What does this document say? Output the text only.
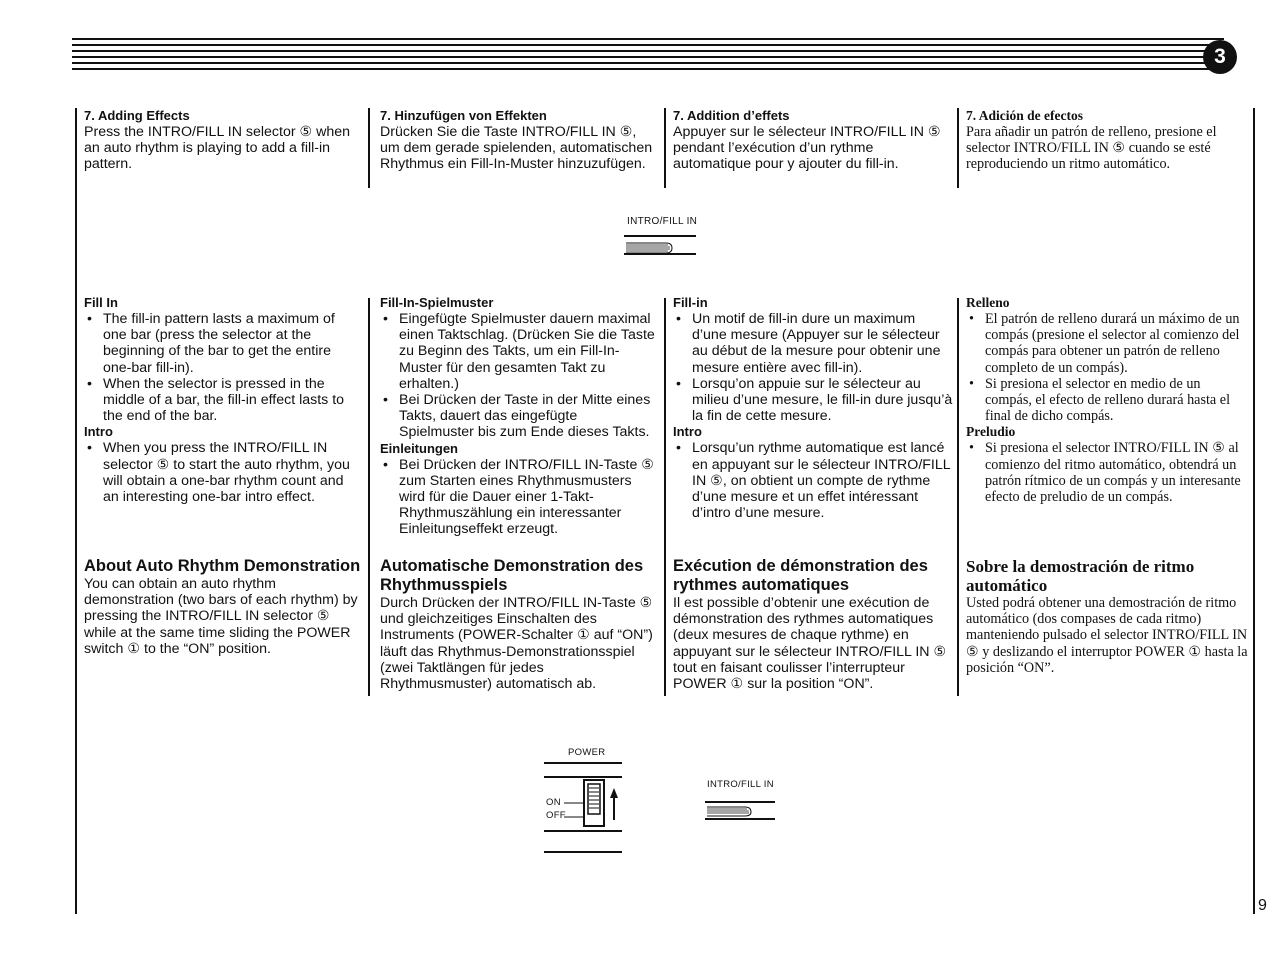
3

7. Adding Effects

Press the INTRO/FILL IN selector ⑤ when an auto rhythm is playing to add a fill-in pattern.

Fill In

• The fill-in pattern lasts a maximum of one bar (press the selector at the beginning of the bar to get the entire one-bar fill-in).
• When the selector is pressed in the middle of a bar, the fill-in effect lasts to the end of the bar.

Intro

• When you press the INTRO/FILL IN selector ⑤ to start the auto rhythm, you will obtain a one-bar rhythm count and an interesting one-bar intro effect.

About Auto Rhythm Demonstration

You can obtain an auto rhythm demonstration (two bars of each rhythm) by pressing the INTRO/FILL IN selector ⑤ while at the same time sliding the POWER switch ① to the “ON” position.

7. Hinzufügen von Effekten

Drücken Sie die Taste INTRO/FILL IN ⑤, um dem gerade spielenden, automatischen Rhythmus ein Fill-In-Muster hinzuzufügen.

Fill-In-Spielmuster

• Eingefügte Spielmuster dauern maximal einen Taktschlag. (Drücken Sie die Taste zu Beginn des Takts, um ein Fill-In-Muster für den gesamten Takt zu erhalten.)
• Bei Drücken der Taste in der Mitte eines Takts, dauert das eingefügte Spielmuster bis zum Ende dieses Takts.

Einleitungen

• Bei Drücken der INTRO/FILL IN-Taste ⑤ zum Starten eines Rhythmusmusters wird für die Dauer einer 1-Takt-Rhythmuszählung ein interessanter Einleitungseffekt erzeugt.

Automatische Demonstration des Rhythmusspiels

Durch Drücken der INTRO/FILL IN-Taste ⑤ und gleichzeitiges Einschalten des Instruments (POWER-Schalter ① auf “ON”) läuft das Rhythmus-Demonstrationsspiel (zwei Taktlängen für jedes Rhythmusmuster) automatisch ab.

7. Addition d’effets

Appuyer sur le sélecteur INTRO/FILL IN ⑤ pendant l’exécution d’un rythme automatique pour y ajouter du fill-in.

Fill-in

• Un motif de fill-in dure un maximum d’une mesure (Appuyer sur le sélecteur au début de la mesure pour obtenir une mesure entière avec fill-in).
• Lorsqu’on appuie sur le sélecteur au milieu d’une mesure, le fill-in dure jusqu’à la fin de cette mesure.

Intro

• Lorsqu’un rythme automatique est lancé en appuyant sur le sélecteur INTRO/FILL IN ⑤, on obtient un compte de rythme d’une mesure et un effet intéressant d’intro d’une mesure.

Exécution de démonstration des rythmes automatiques

Il est possible d’obtenir une exécution de démonstration des rythmes automatiques (deux mesures de chaque rythme) en appuyant sur le sélecteur INTRO/FILL IN ⑤ tout en faisant coulisser l’interrupteur POWER ① sur la position “ON”.

7. Adición de efectos

Para añadir un patrón de relleno, presione el selector INTRO/FILL IN ⑤ cuando se esté reproduciendo un ritmo automático.

Relleno

• El patrón de relleno durará un máximo de un compás (presione el selector al comienzo del compás para obtener un patrón de relleno completo de un compás).
• Si presiona el selector en medio de un compás, el efecto de relleno durará hasta el final de dicho compás.

Preludio

• Si presiona el selector INTRO/FILL IN ⑤ al comienzo del ritmo automático, obtendrá un patrón rítmico de un compás y un interesante efecto de preludio de un compás.

Sobre la demostración de ritmo automático

Usted podrá obtener una demostración de ritmo automático (dos compases de cada ritmo) manteniendo pulsado el selector INTRO/FILL IN ⑤ y deslizando el interruptor POWER ① hasta la posición “ON”.

INTRO/FILL IN
POWER
ON
OFF
INTRO/FILL IN
9
